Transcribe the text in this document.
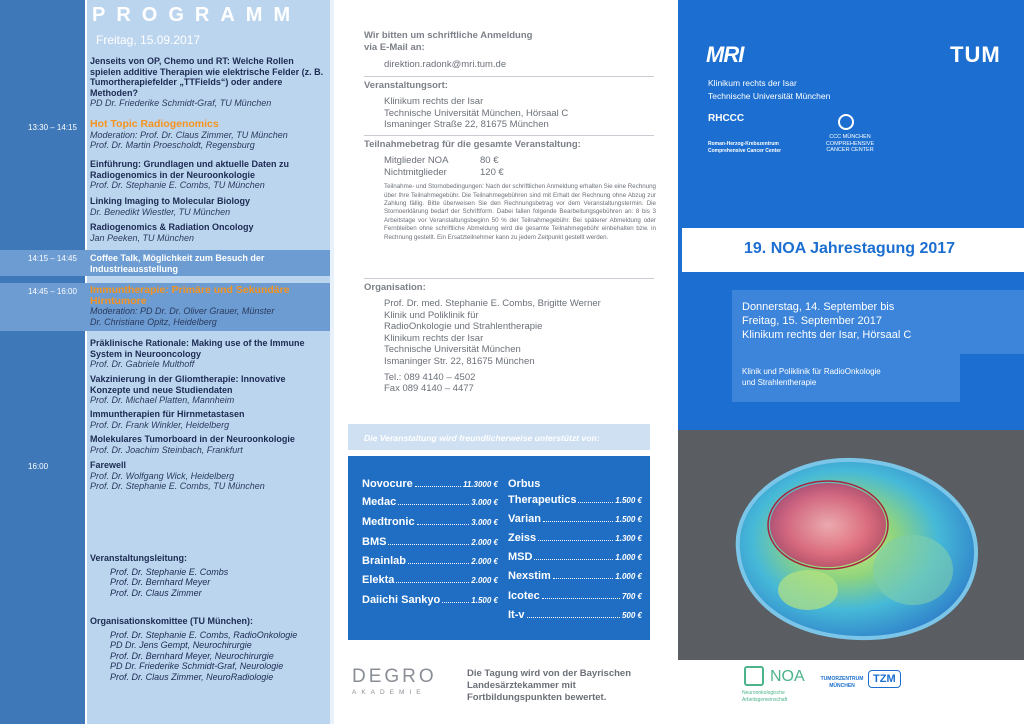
PROGRAMM
Freitag, 15.09.2017
Jenseits von OP, Chemo und RT: Welche Rollen spielen additive Therapien wie elektrische Felder (z. B. Tumortherapiefelder „TTFields“) oder andere Methoden?
PD Dr. Friederike Schmidt-Graf, TU München
13:30 – 14:15 Hot Topic Radiogenomics
Moderation: Prof. Dr. Claus Zimmer, TU München
Prof. Dr. Martin Proescholdt, Regensburg
Einführung: Grundlagen und aktuelle Daten zu Radiogenomics in der Neuroonkologie
Prof. Dr. Stephanie E. Combs, TU München
Linking Imaging to Molecular Biology
Dr. Benedikt Wiestler, TU München
Radiogenomics & Radiation Oncology
Jan Peeken, TU München
14:15 – 14:45 Coffee Talk, Möglichkeit zum Besuch der Industrieausstellung
14:45 – 16:00 Immuntherapie: Primäre und Sekundäre Hirntumore
Moderation: PD Dr. Dr. Oliver Grauer, Münster
Dr. Christiane Opitz, Heidelberg
Präklinische Rationale: Making use of the Immune System in Neurooncology
Prof. Dr. Gabriele Multhoff
Vakzinierung in der Gliomtherapie: Innovative Konzepte und neue Studiendaten
Prof. Dr. Michael Platten, Mannheim
Immuntherapien für Hirnmetastasen
Prof. Dr. Frank Winkler, Heidelberg
Molekulares Tumorboard in der Neuroonkologie
Prof. Dr. Joachim Steinbach, Frankfurt
16:00	Farewell
Prof. Dr. Wolfgang Wick, Heidelberg
Prof. Dr. Stephanie E. Combs, TU München
Veranstaltungsleitung:
Prof. Dr. Stephanie E. Combs
Prof. Dr. Bernhard Meyer
Prof. Dr. Claus Zimmer
Organisationskomittee (TU München):
Prof. Dr. Stephanie E. Combs, RadioOnkologie
PD Dr. Jens Gempt, Neurochirurgie
Prof. Dr. Bernhard Meyer, Neurochirurgie
PD Dr. Friederike Schmidt-Graf, Neurologie
Prof. Dr. Claus Zimmer, NeuroRadiologie
Wir bitten um schriftliche Anmeldung
via E-Mail an:
direktion.radonk@mri.tum.de
Veranstaltungsort:
Klinikum rechts der Isar
Technische Universität München, Hörsaal C
Ismaninger Straße 22, 81675 München
Teilnahmebetrag für die gesamte Veranstaltung:
Mitglieder NOA	80 €
Nichtmitglieder	120 €
Teilnahme- und Stornobedingungen: Nach der schriftlichen Anmeldung erhalten Sie eine Rechnung über Ihre Teilnahmegebühr. Die Teilnahmegebühren sind mit Erhalt der Rechnung ohne Abzug zur Zahlung fällig. Bitte überweisen Sie den Rechnungsbetrag vor dem Veranstaltungstermin. Die Stornoerklärung bedarf der Schriftform. Dabei fallen folgende Bearbeitungsgebühren an: 8 bis 3 Arbeitstage vor Veranstaltungsbeginn 50 % der Teilnahmegebühr. Bei späterer Abmeldung oder Fernbleiben ohne schriftliche Abmeldung wird die gesamte Teilnahmegebühr einbehalten bzw. in Rechnung gestellt. Ein Ersatzteilnehmer kann zu jedem Zeitpunkt gestellt werden.
Organisation:
Prof. Dr. med. Stephanie E. Combs, Brigitte Werner
Klinik und Poliklinik für
RadioOnkologie und Strahlentherapie
Klinikum rechts der Isar
Technische Universität München
Ismaninger Str. 22, 81675 München
Tel.: 089 4140 – 4502
Fax 089 4140 – 4477
Die Veranstaltung wird freundlicherweise unterstützt von:
Novocure	11.3000 €
Medac	3.000 €
Medtronic	3.000 €
BMS	2.000 €
Brainlab	2.000 €
Elekta	2.000 €
Daiichi Sankyo	1.500 €
Orbus
Therapeutics	1.500 €
Varian	1.500 €
Zeiss	1.300 €
MSD	1.000 €
Nexstim	1.000 €
Icotec	700 €
It-v	500 €
DEGRO
AKADEMIE
Die Tagung wird von der Bayrischen Landesärztekammer mit Fortbildungspunkten bewertet.
MRI	TUM
Klinikum rechts der Isar
Technische Universität München
RHCCC
Roman-Herzog-Krebszentrum
Comprehensive Cancer Center
CCC MÜNCHEN
COMPREHENSIVE
CANCER CENTER
19. NOA Jahrestagung 2017
Donnerstag, 14. September bis
Freitag, 15. September 2017
Klinikum rechts der Isar, Hörsaal C
Klinik und Poliklinik für RadioOnkologie
und Strahlentherapie
NOA
Neuroonkologische
Arbeitsgemeinschaft
TUMORZENTRUM
MÜNCHEN
TZM
